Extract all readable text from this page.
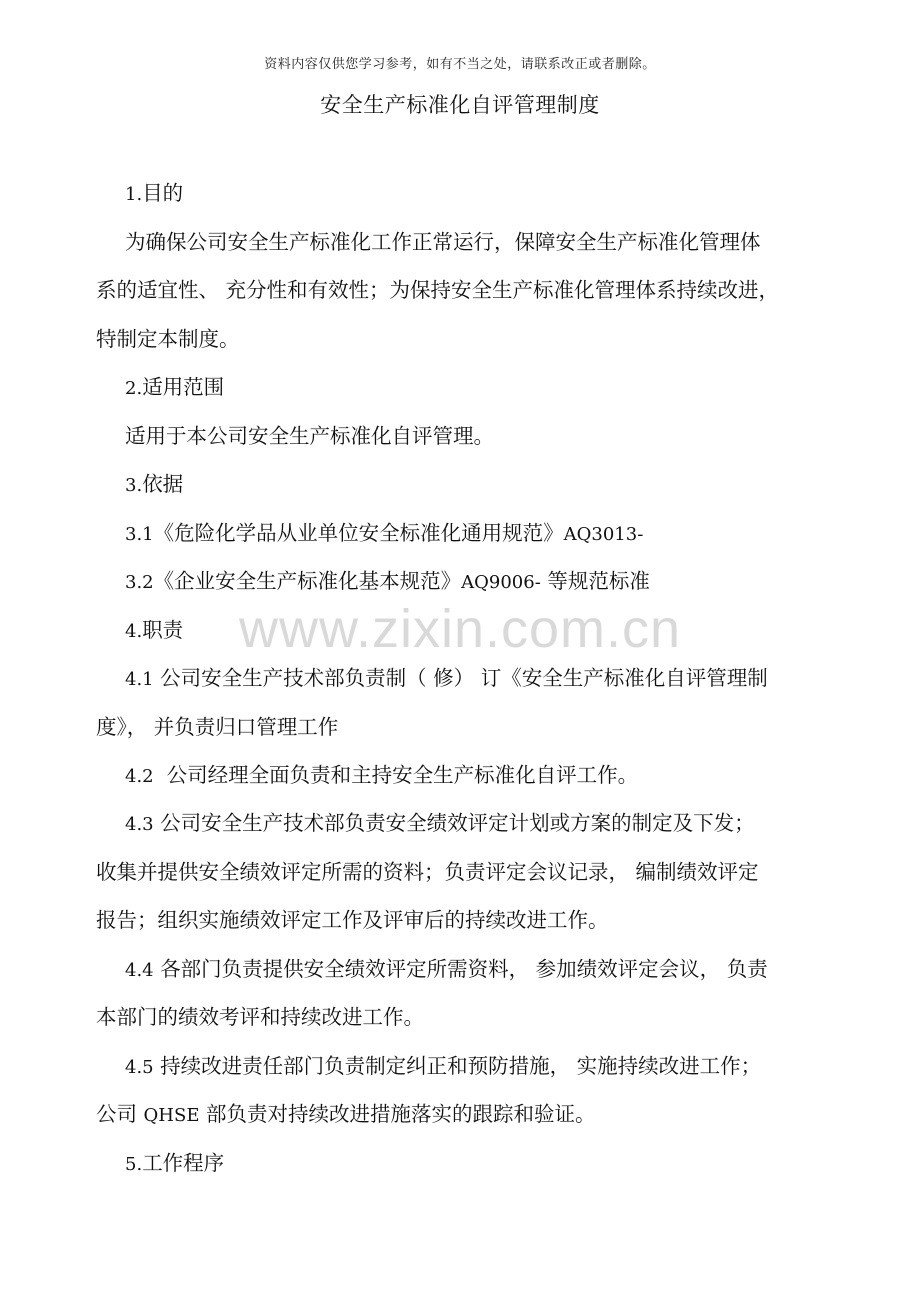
资料内容仅供您学习参考，如有不当之处，请联系改正或者删除。
安全生产标准化自评管理制度
www.zixin.com.cn
1.目的
为确保公司安全生产标准化工作正常运行，保障安全生产标准化管理体
系的适宜性、 充分性和有效性；为保持安全生产标准化管理体系持续改进，
特制定本制度。
2.适用范围
适用于本公司安全生产标准化自评管理。
3.依据
3.1《危险化学品从业单位安全标准化通用规范》AQ3013-
3.2《企业安全生产标准化基本规范》AQ9006- 等规范标准
4.职责
4.1 公司安全生产技术部负责制（ 修） 订《安全生产标准化自评管理制
度》， 并负责归口管理工作
4.2  公司经理全面负责和主持安全生产标准化自评工作。
4.3 公司安全生产技术部负责安全绩效评定计划或方案的制定及下发；
收集并提供安全绩效评定所需的资料；负责评定会议记录， 编制绩效评定
报告；组织实施绩效评定工作及评审后的持续改进工作。
4.4 各部门负责提供安全绩效评定所需资料， 参加绩效评定会议， 负责
本部门的绩效考评和持续改进工作。
4.5 持续改进责任部门负责制定纠正和预防措施， 实施持续改进工作；
公司 QHSE 部负责对持续改进措施落实的跟踪和验证。
5.工作程序
